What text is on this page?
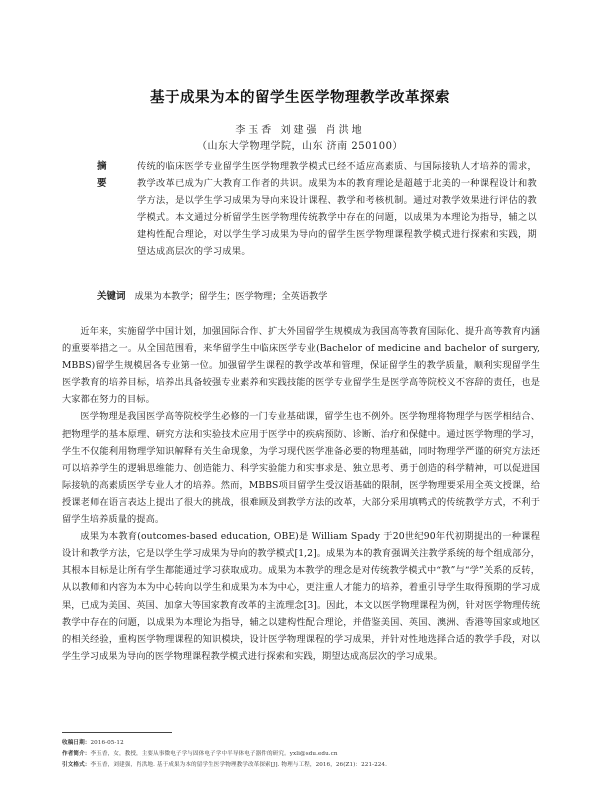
基于成果为本的留学生医学物理教学改革探索
李玉香 刘建强 肖洪地
（山东大学物理学院，山东 济南 250100）
摘 要
传统的临床医学专业留学生医学物理教学模式已经不适应高素质、与国际接轨人才培养的需求，教学改革已成为广大教育工作者的共识。成果为本的教育理论是超越于北美的一种课程设计和教学方法，是以学生学习成果为导向来设计课程、教学和考核机制。通过对教学效果进行评估的教学模式。本文通过分析留学生医学物理传统教学中存在的问题，以成果为本理论为指导，辅之以建构性配合理论，对以学生学习成果为导向的留学生医学物理课程教学模式进行探索和实践，期望达成高层次的学习成果。
关键词 成果为本教学；留学生；医学物理；全英语教学

近年来，实施留学中国计划，加强国际合作、扩大外国留学生规模成为我国高等教育国际化、提升高等教育内涵的重要举措之一。从全国范围看，来华留学生中临床医学专业(Bachelor of medicine and bachelor of surgery, MBBS)留学生规模居各专业第一位。加强留学生课程的教学改革和管理，保证留学生的教学质量，顺利实现留学生医学教育的培养目标，培养出具备较强专业素养和实践技能的医学专业留学生是医学高等院校义不容辞的责任，也是大家都在努力的目标。

医学物理是我国医学高等院校学生必修的一门专业基础课，留学生也不例外。医学物理将物理学与医学相结合、把物理学的基本原理、研究方法和实验技术应用于医学中的疾病预防、诊断、治疗和保健中。通过医学物理的学习，学生不仅能利用物理学知识解释有关生命现象，为学习现代医学准备必要的物理基础，同时物理学严谨的研究方法还可以培养学生的逻辑思维能力、创造能力、科学实验能力和实事求是、独立思考、勇于创造的科学精神，可以促进国际接轨的高素质医学专业人才的培养。然而，MBBS项目留学生受汉语基础的限制，医学物理要采用全英文授课，给授课老师在语言表达上提出了很大的挑战，很难顾及到教学方法的改革，大部分采用填鸭式的传统教学方式，不利于留学生培养质量的提高。

成果为本教育(outcomes-based education, OBE)是 William Spady 于20世纪90年代初期提出的一种课程设计和教学方法，它是以学生学习成果为导向的教学模式[1,2]。成果为本的教育强调关注教学系统的每个组成部分，其根本目标是让所有学生都能通过学习获取成功。成果为本教学的理念是对传统教学模式中“教”与“学”关系的反转，从以教师和内容为本为中心转向以学生和成果为本为中心，更注重人才能力的培养，着重引导学生取得预期的学习成果，已成为美国、英国、加拿大等国家教育改革的主流理念[3]。因此，本文以医学物理课程为例，针对医学物理传统教学中存在的问题，以成果为本理论为指导，辅之以建构性配合理论，并借鉴美国、英国、澳洲、香港等国家或地区的相关经验，重构医学物理课程的知识模块，设计医学物理课程的学习成果，并针对性地选择合适的教学手段，对以学生学习成果为导向的医学物理课程教学模式进行探索和实践，期望达成高层次的学习成果。

收稿日期：2016-05-12
作者简介：李玉香，女，教授，主要从事微电子学与固体电子学中半导体电子器件的研究。yxli@sdu.edu.cn
引文格式：李玉香，刘建强，肖洪地. 基于成果为本的留学生医学物理教学改革探索[J]. 物理与工程，2016，26(Z1)：221-224.
